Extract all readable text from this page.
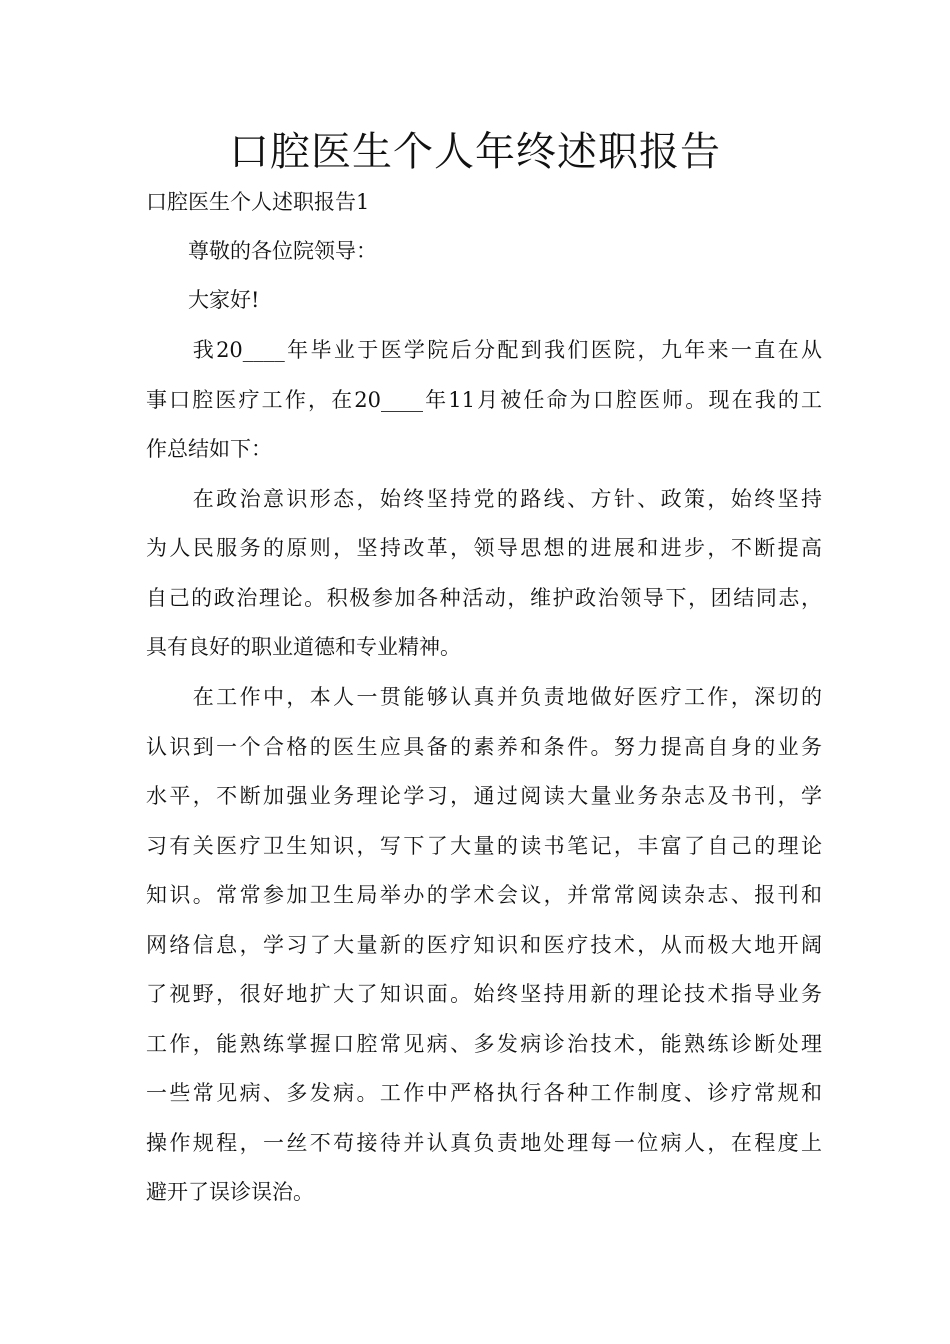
口腔医生个人年终述职报告

口腔医生个人述职报告1

　　尊敬的各位院领导：

　　大家好!

　　我20____年毕业于医学院后分配到我们医院，九年来一直在从

事口腔医疗工作，在20____年11月被任命为口腔医师。现在我的工

作总结如下：

　　在政治意识形态，始终坚持党的路线、方针、政策，始终坚持

为人民服务的原则，坚持改革，领导思想的进展和进步，不断提高

自己的政治理论。积极参加各种活动，维护政治领导下，团结同志，

具有良好的职业道德和专业精神。

　　在工作中，本人一贯能够认真并负责地做好医疗工作，深切的

认识到一个合格的医生应具备的素养和条件。努力提高自身的业务

水平，不断加强业务理论学习，通过阅读大量业务杂志及书刊，学

习有关医疗卫生知识，写下了大量的读书笔记，丰富了自己的理论

知识。常常参加卫生局举办的学术会议，并常常阅读杂志、报刊和

网络信息，学习了大量新的医疗知识和医疗技术，从而极大地开阔

了视野，很好地扩大了知识面。始终坚持用新的理论技术指导业务

工作，能熟练掌握口腔常见病、多发病诊治技术，能熟练诊断处理

一些常见病、多发病。工作中严格执行各种工作制度、诊疗常规和

操作规程，一丝不苟接待并认真负责地处理每一位病人，在程度上

避开了误诊误治。
